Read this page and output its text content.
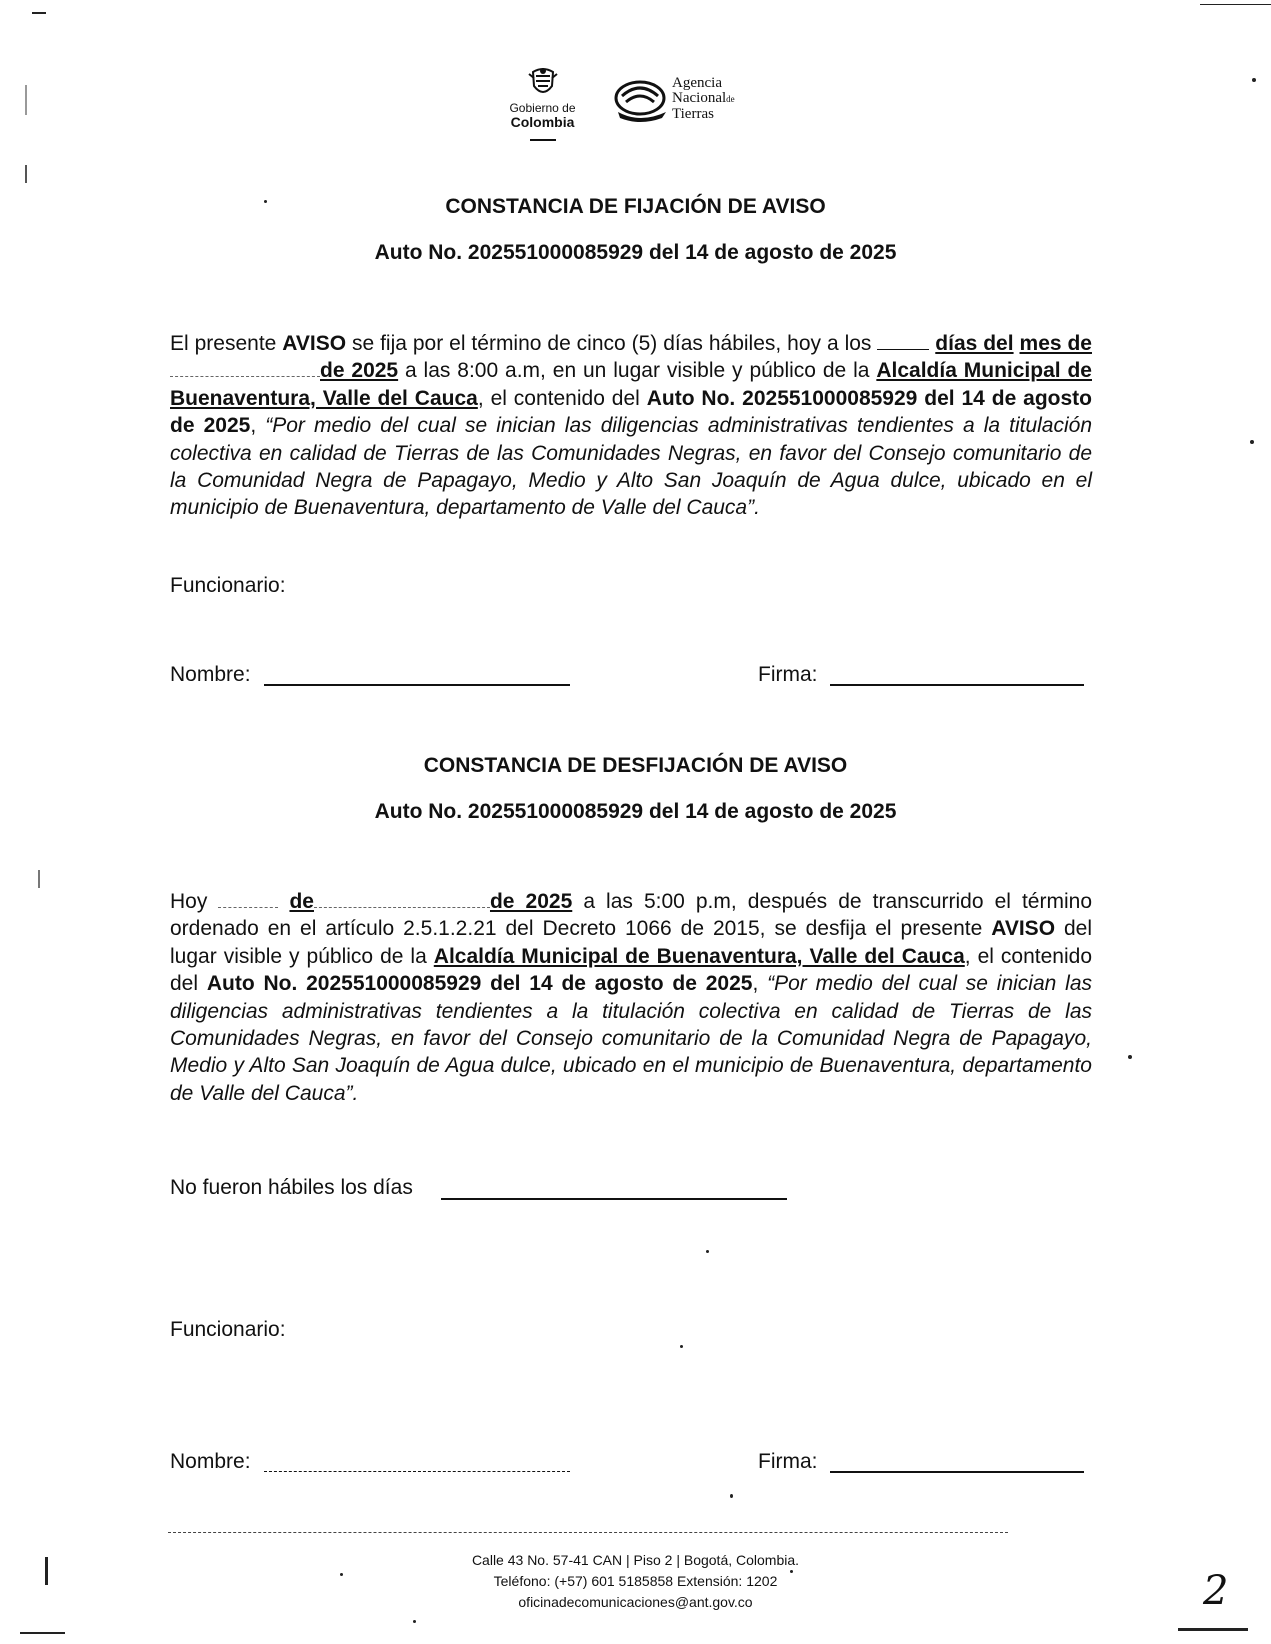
Gobierno de
Colombia
Agencia
Nacionalde
Tierras
CONSTANCIA DE FIJACIÓN DE AVISO
Auto No. 202551000085929 del 14 de agosto de 2025
El presente AVISO se fija por el término de cinco (5) días hábiles, hoy a los	días del mes dede 2025 a las 8:00 a.m, en un lugar visible y público de la Alcaldía Municipal de Buenaventura, Valle del Cauca, el contenido del Auto No. 202551000085929 del 14 de agosto de 2025, “Por medio del cual se inician las diligencias administrativas tendientes a la titulación colectiva en calidad de Tierras de las Comunidades Negras, en favor del Consejo comunitario de la Comunidad Negra de Papagayo, Medio y Alto San Joaquín de Agua dulce, ubicado en el municipio de Buenaventura, departamento de Valle del Cauca”.
Funcionario:
Nombre:	Firma:
CONSTANCIA DE DESFIJACIÓN DE AVISO
Auto No. 202551000085929 del 14 de agosto de 2025
Hoy	de	de 2025 a las 5:00 p.m, después de transcurrido el término ordenado en el artículo 2.5.1.2.21 del Decreto 1066 de 2015, se desfija el presente AVISO del lugar visible y público de la Alcaldía Municipal de Buenaventura, Valle del Cauca, el contenido del Auto No. 202551000085929 del 14 de agosto de 2025, “Por medio del cual se inician las diligencias administrativas tendientes a la titulación colectiva en calidad de Tierras de las Comunidades Negras, en favor del Consejo comunitario de la Comunidad Negra de Papagayo, Medio y Alto San Joaquín de Agua dulce, ubicado en el municipio de Buenaventura, departamento de Valle del Cauca”.
No fueron hábiles los días
Funcionario:
Nombre:	Firma:
Calle 43 No. 57-41 CAN | Piso 2 | Bogotá, Colombia.
Teléfono: (+57) 601 5185858 Extensión: 1202
oficinadecomunicaciones@ant.gov.co	2
